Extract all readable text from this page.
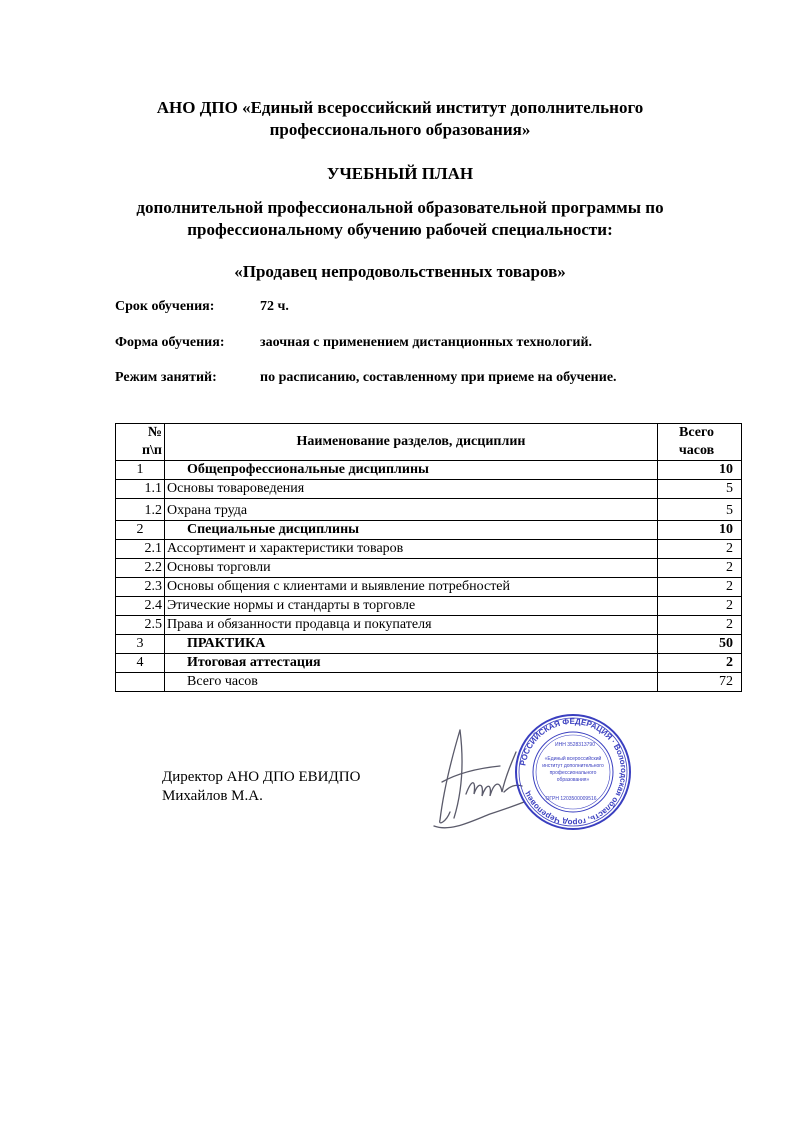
АНО ДПО «Единый всероссийский институт дополнительного
профессионального образования»
УЧЕБНЫЙ ПЛАН
дополнительной профессиональной образовательной программы по
профессиональному обучению рабочей специальности:
«Продавец непродовольственных товаров»
Срок обучения:	72 ч.
Форма обучения:	заочная с применением дистанционных технологий.
Режим занятий:	по расписанию, составленному при приеме на обучение.
№
п\п	Наименование разделов, дисциплин	Всего
часов
1	Общепрофессиональные дисциплины	10
1.1	Основы товароведения	5
1.2	Охрана труда	5
2	Специальные дисциплины	10
2.1	Ассортимент и характеристики товаров	2
2.2	Основы торговли	2
2.3	Основы общения с клиентами и выявление потребностей	2
2.4	Этические нормы и стандарты в торговле	2
2.5	Права и обязанности продавца и покупателя	2
3	ПРАКТИКА	50
4	Итоговая аттестация	2
	Всего часов	72
Директор АНО ДПО ЕВИДПО
Михайлов М.А.
РОССИЙСКАЯ ФЕДЕРАЦИЯ · Вологодская область, город Череповец
ИНН 3528313790
«Единый всероссийский
институт дополнительного
профессионального
образования»
ОГРН 1203500009516
